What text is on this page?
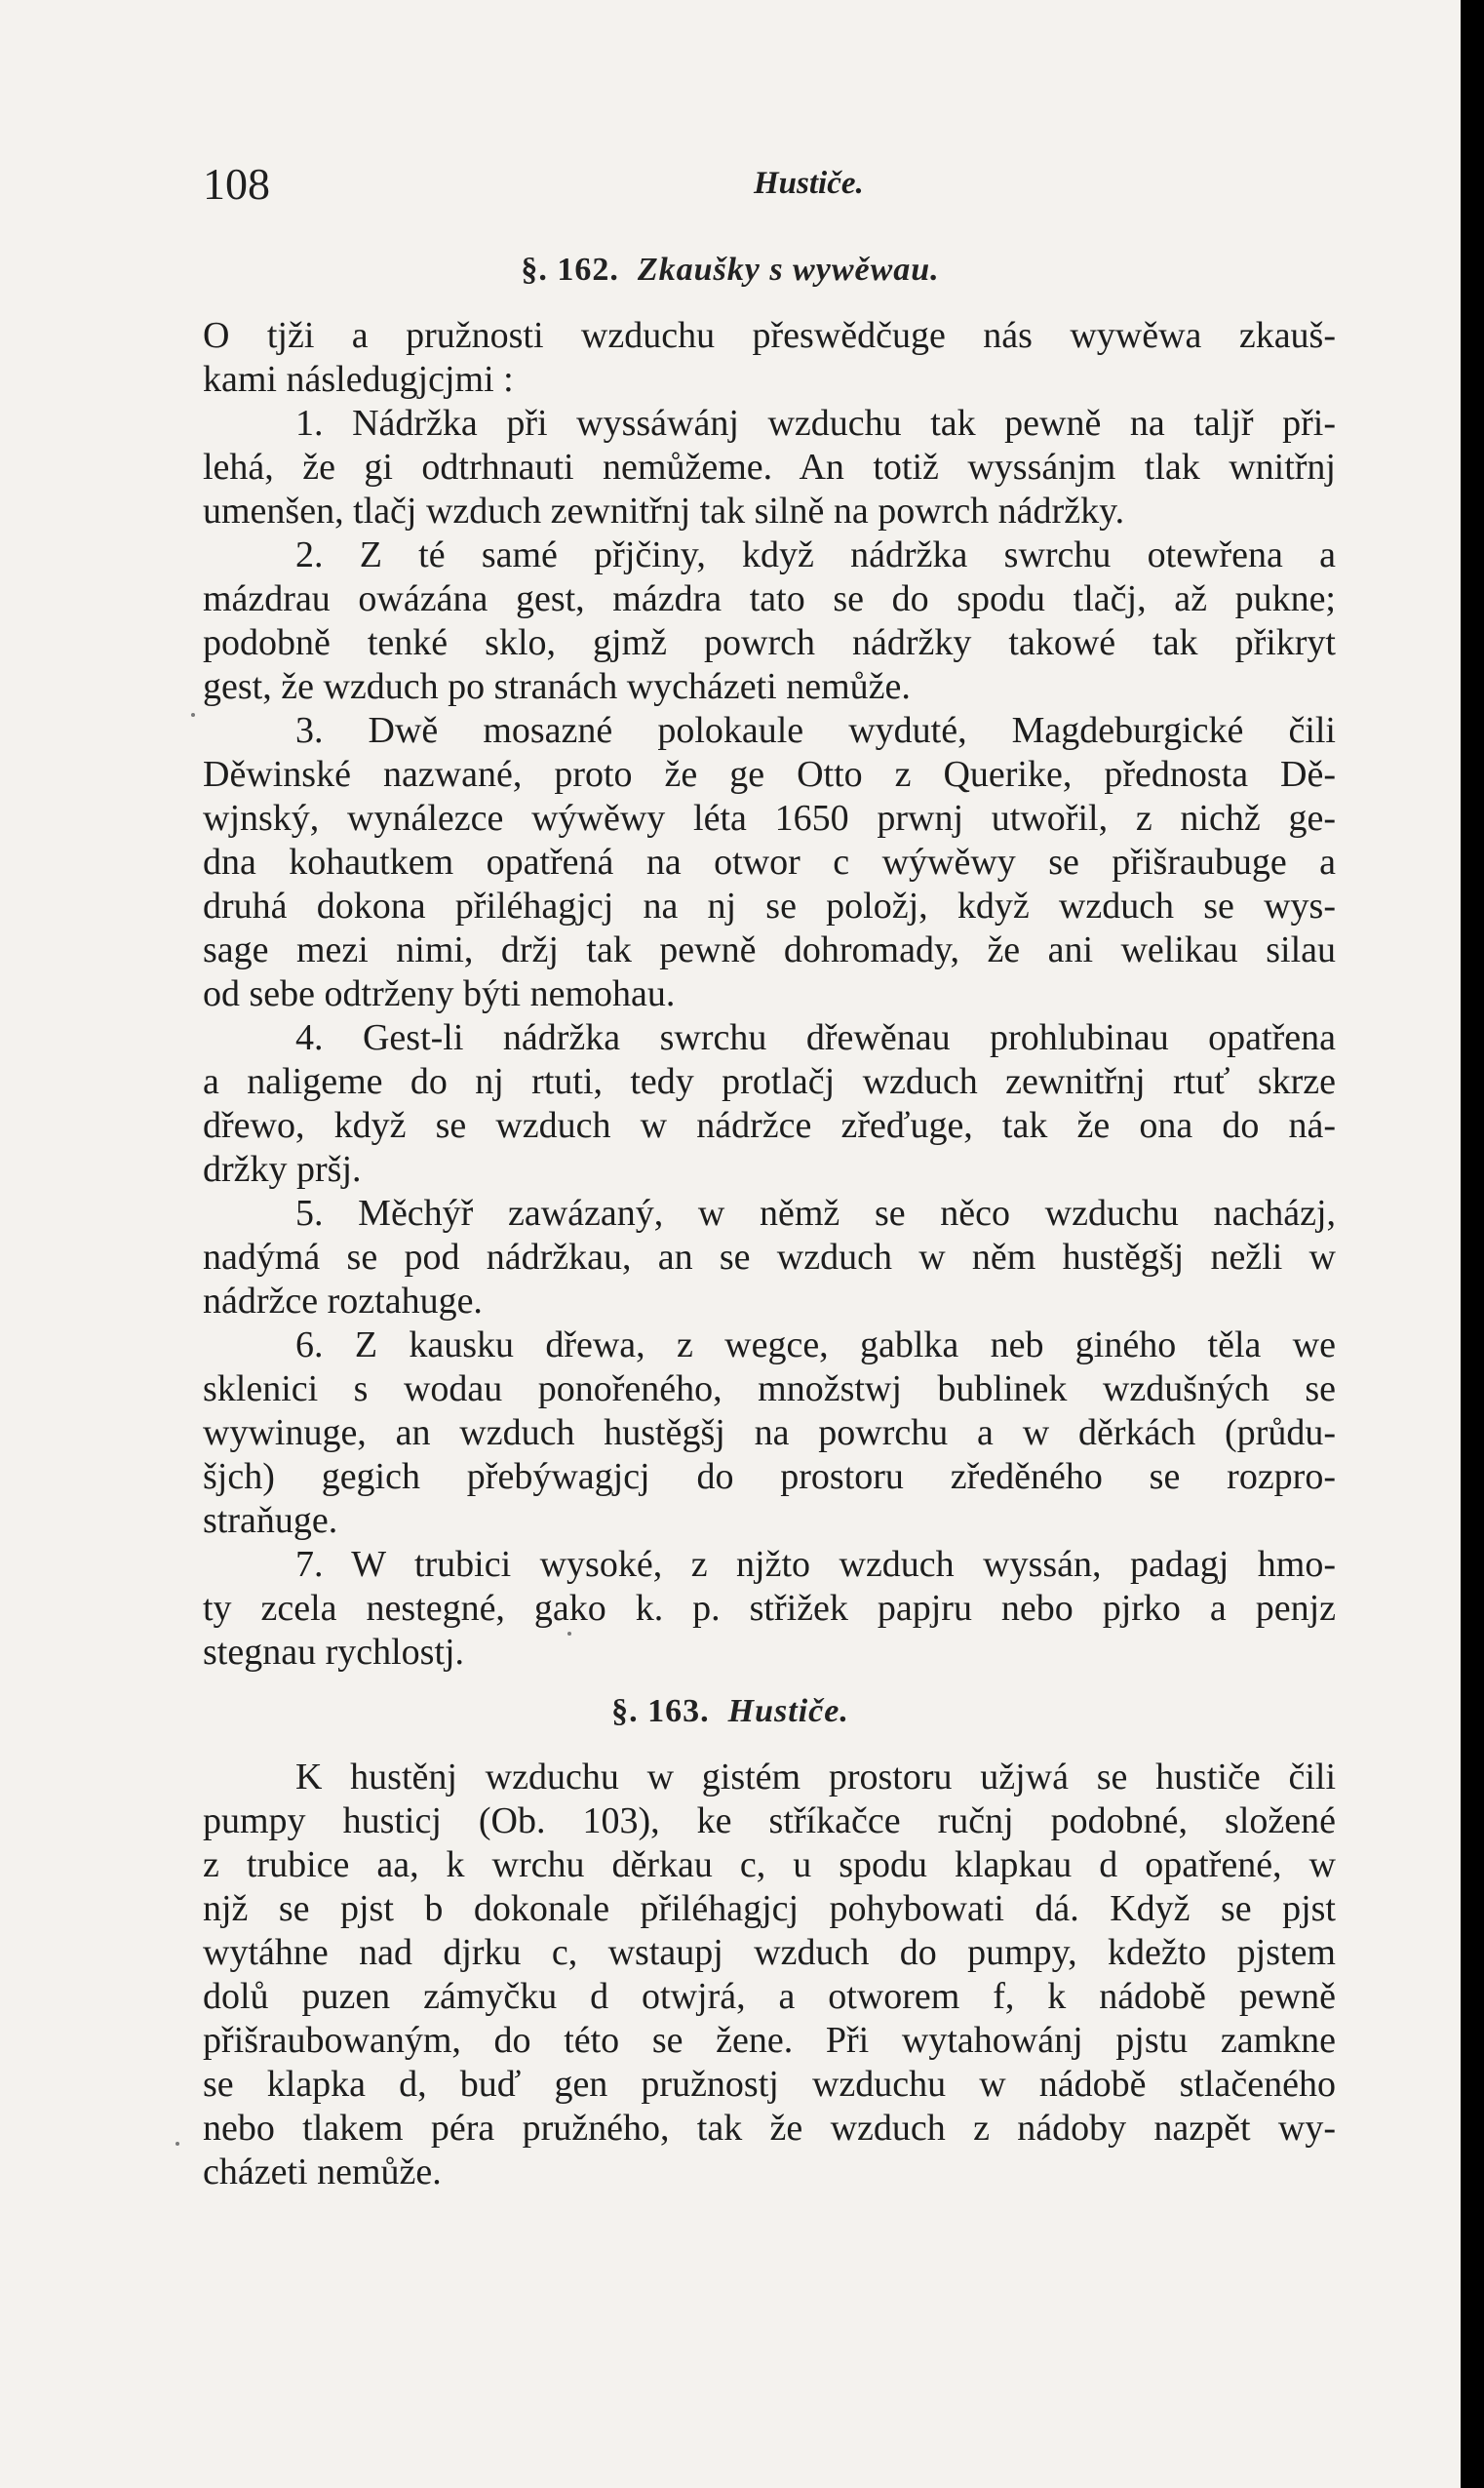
108	Hustiče.
§. 162. Zkaušky s wywěwau.
O tjži a pružnosti wzduchu přeswědčuge nás wywěwa zkauš-
kami následugjcjmi :
1. Nádržka při wyssáwánj wzduchu tak pewně na talјř při-
lehá, že gi odtrhnauti nemůžeme. An totiž wyssánjm tlak wnitřnj
umenšen, tlačj wzduch zewnitřnj tak silně na powrch nádržky.
2. Z té samé přjčiny, když nádržka swrchu otewřena a
mázdrau owázána gest, mázdra tato se do spodu tlačj, až pukne;
podobně tenké sklo, gjmž powrch nádržky takowé tak přikryt
gest, že wzduch po stranách wycházeti nemůže.
3. Dwě mosazné polokaule wyduté, Magdeburgické čili
Děwinské nazwané, proto že ge Otto z Querike, přednosta Dě-
wjnský, wynálezce wýwěwy léta 1650 prwnj utwořil, z nichž ge-
dna kohautkem opatřená na otwor c wýwěwy se přišraubuge a
druhá dokona přiléhagjcj na nj se položj, když wzduch se wys-
sage mezi nimi, držj tak pewně dohromady, že ani welikau silau
od sebe odtrženy býti nemohau.
4. Gest-li nádržka swrchu dřewěnau prohlubinau opatřena
a naligeme do nj rtuti, tedy protlačj wzduch zewnitřnj rtuť skrze
dřewo, když se wzduch w nádržce zřeďuge, tak že ona do ná-
držky pršj.
5. Měchýř zawázaný, w němž se něco wzduchu nacházj,
nadýmá se pod nádržkau, an se wzduch w něm hustěgšj nežli w
nádržce roztahuge.
6. Z kausku dřewa, z wegce, gablka neb giného těla we
sklenici s wodau ponořeného, množstwj bublinek wzdušných se
wywinuge, an wzduch hustěgšj na powrchu a w děrkách (průdu-
šjch) gegich přebýwagjcj do prostoru zředěného se rozpro-
straňuge.
7. W trubici wysoké, z njžto wzduch wyssán, padagj hmo-
ty zcela nestegné, gako k. p. střižek papjru nebo pjrko a penjz
stegnau rychlostj.
§. 163. Hustiče.
K hustěnj wzduchu w gistém prostoru užjwá se hustiče čili
pumpy husticj (Ob. 103), ke stříkačce ručnj podobné, složené
z trubice aa, k wrchu děrkau c, u spodu klapkau d opatřené, w
njž se pjst b dokonale přiléhagjcj pohybowati dá. Když se pjst
wytáhne nad djrku c, wstaupj wzduch do pumpy, kdežto pjstem
dolů puzen zámyčku d otwjrá, a otworem f, k nádobě pewně
přišraubowaným, do této se žene. Při wytahowánj pjstu zamkne
se klapka d, buď gen pružnostj wzduchu w nádobě stlačeného
nebo tlakem péra pružného, tak že wzduch z nádoby nazpět wy-
cházeti nemůže.
